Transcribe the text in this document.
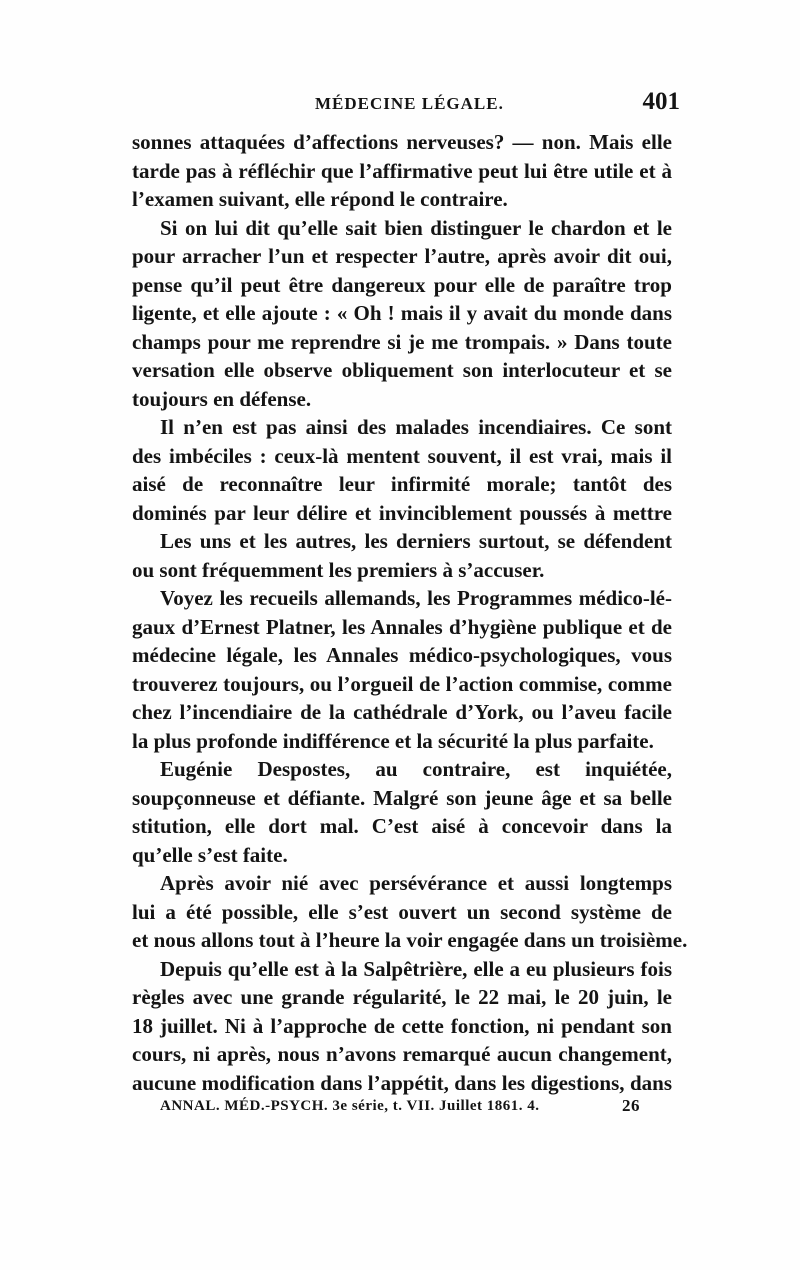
MÉDECINE LÉGALE.	401
sonnes attaquées d’affections nerveuses? — non. Mais elle
tarde pas à réfléchir que l’affirmative peut lui être utile et à
l’examen suivant, elle répond le contraire.
Si on lui dit qu’elle sait bien distinguer le chardon et le
pour arracher l’un et respecter l’autre, après avoir dit oui,
pense qu’il peut être dangereux pour elle de paraître trop
ligente, et elle ajoute : « Oh ! mais il y avait du monde dans
champs pour me reprendre si je me trompais. » Dans toute
versation elle observe obliquement son interlocuteur et se
toujours en défense.
Il n’en est pas ainsi des malades incendiaires. Ce sont
des imbéciles : ceux-là mentent souvent, il est vrai, mais il
aisé de reconnaître leur infirmité morale; tantôt des
dominés par leur délire et invinciblement poussés à mettre
Les uns et les autres, les derniers surtout, se défendent
ou sont fréquemment les premiers à s’accuser.
Voyez les recueils allemands, les Programmes médico-lé-
gaux d’Ernest Platner, les Annales d’hygiène publique et de
médecine légale, les Annales médico-psychologiques, vous
trouverez toujours, ou l’orgueil de l’action commise, comme
chez l’incendiaire de la cathédrale d’York, ou l’aveu facile
la plus profonde indifférence et la sécurité la plus parfaite.
Eugénie Despostes, au contraire, est inquiétée,
soupçonneuse et défiante. Malgré son jeune âge et sa belle
stitution, elle dort mal. C’est aisé à concevoir dans la
qu’elle s’est faite.
Après avoir nié avec persévérance et aussi longtemps
lui a été possible, elle s’est ouvert un second système de
et nous allons tout à l’heure la voir engagée dans un troisième.
Depuis qu’elle est à la Salpêtrière, elle a eu plusieurs fois
règles avec une grande régularité, le 22 mai, le 20 juin, le
18 juillet. Ni à l’approche de cette fonction, ni pendant son
cours, ni après, nous n’avons remarqué aucun changement,
aucune modification dans l’appétit, dans les digestions, dans
ANNAL. MÉD.-PSYCH. 3e série, t. VII. Juillet 1861. 4.	26
